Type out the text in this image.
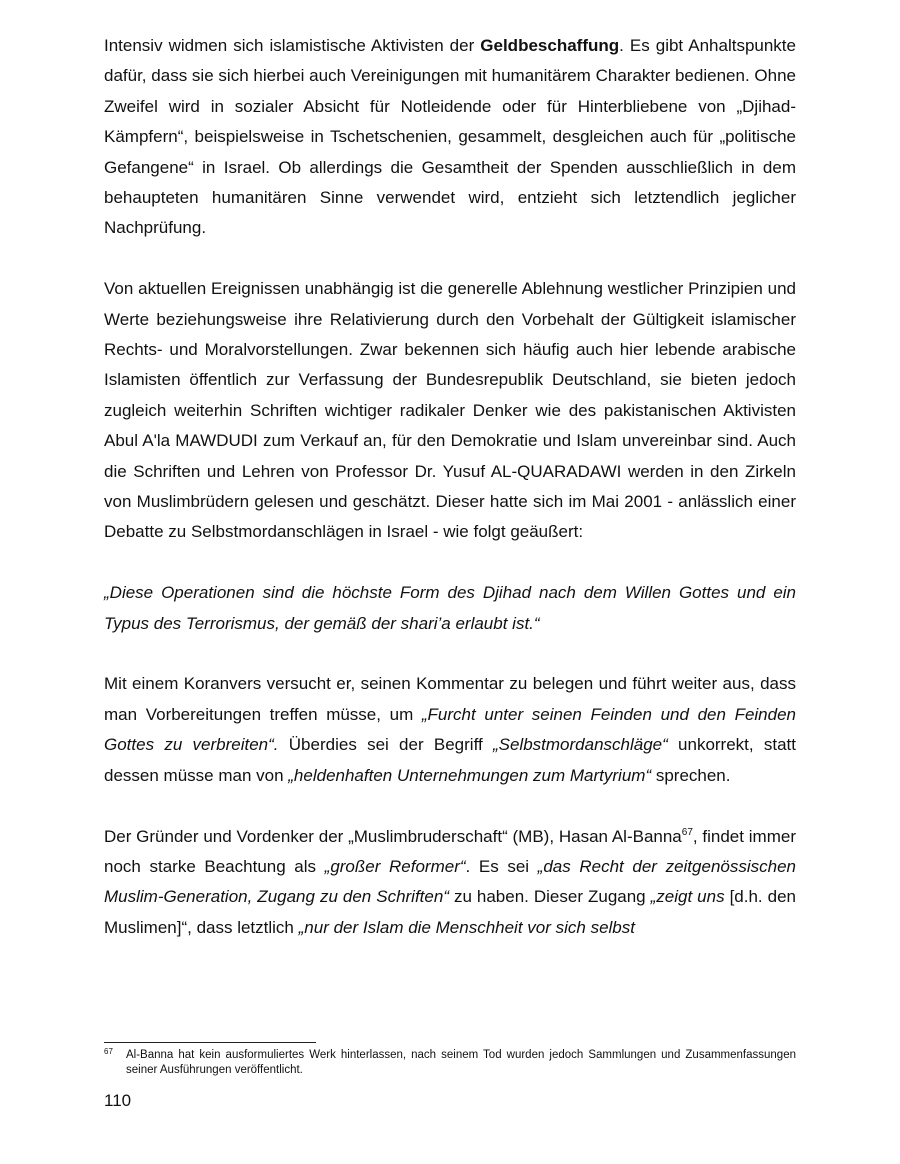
Intensiv widmen sich islamistische Aktivisten der Geldbeschaffung. Es gibt Anhaltspunkte dafür, dass sie sich hierbei auch Vereinigungen mit humanitärem Charakter bedienen. Ohne Zweifel wird in sozialer Absicht für Notleidende oder für Hinterbliebene von „Djihad-Kämpfern“, beispielsweise in Tschetschenien, gesammelt, desgleichen auch für „politische Gefangene“ in Israel. Ob allerdings die Gesamtheit der Spenden ausschließlich in dem behaupteten humanitären Sinne verwendet wird, entzieht sich letztendlich jeglicher Nachprüfung.

Von aktuellen Ereignissen unabhängig ist die generelle Ablehnung westlicher Prinzipien und Werte beziehungsweise ihre Relativierung durch den Vorbehalt der Gültigkeit islamischer Rechts- und Moralvorstellungen. Zwar bekennen sich häufig auch hier lebende arabische Islamisten öffentlich zur Verfassung der Bundesrepublik Deutschland, sie bieten jedoch zugleich weiterhin Schriften wichtiger radikaler Denker wie des pakistanischen Aktivisten Abul A'la MAWDUDI zum Verkauf an, für den Demokratie und Islam unvereinbar sind. Auch die Schriften und Lehren von Professor Dr. Yusuf AL-QUARADAWI werden in den Zirkeln von Muslimbrüdern gelesen und geschätzt. Dieser hatte sich im Mai 2001 - anlässlich einer Debatte zu Selbstmordanschlägen in Israel - wie folgt geäußert:

„Diese Operationen sind die höchste Form des Djihad nach dem Willen Gottes und ein Typus des Terrorismus, der gemäß der shari’a erlaubt ist.“

Mit einem Koranvers versucht er, seinen Kommentar zu belegen und führt weiter aus, dass man Vorbereitungen treffen müsse, um „Furcht unter seinen Feinden und den Feinden Gottes zu verbreiten“. Überdies sei der Begriff „Selbstmordanschläge“ unkorrekt, statt dessen müsse man von „heldenhaften Unternehmungen zum Martyrium“ sprechen.

Der Gründer und Vordenker der „Muslimbruderschaft“ (MB), Hasan Al-Banna$^{67}$, findet immer noch starke Beachtung als „großer Reformer“. Es sei „das Recht der zeitgenössischen Muslim-Generation, Zugang zu den Schriften“ zu haben. Dieser Zugang „zeigt uns [d.h. den Muslimen]“, dass letztlich „nur der Islam die Menschheit vor sich selbst

67 Al-Banna hat kein ausformuliertes Werk hinterlassen, nach seinem Tod wurden jedoch Sammlungen und Zusammenfassungen seiner Ausführungen veröffentlicht.
110
